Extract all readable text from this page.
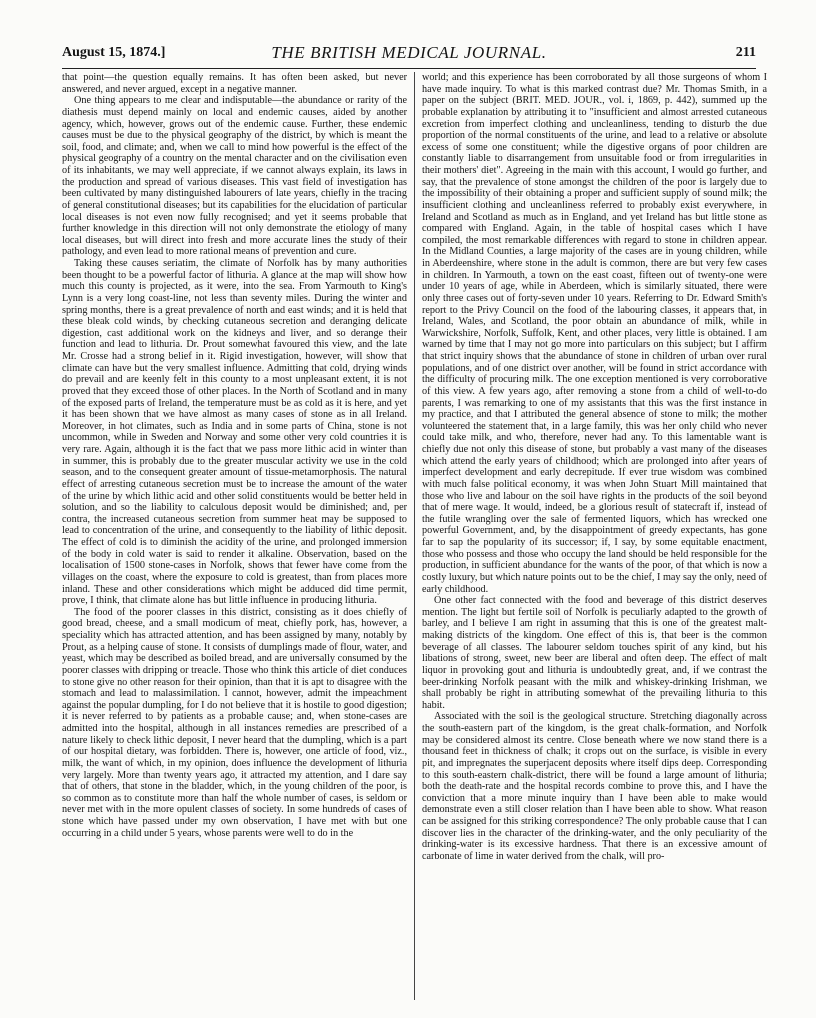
August 15, 1874.]	THE BRITISH MEDICAL JOURNAL.	211

that point—the question equally remains. It has often been asked, but never answered, and never argued, except in a negative manner.

One thing appears to me clear and indisputable—the abundance or rarity of the diathesis must depend mainly on local and endemic causes, aided by another agency, which, however, grows out of the endemic cause. Further, these endemic causes must be due to the physical geography of the district, by which is meant the soil, food, and climate; and, when we call to mind how powerful is the effect of the physical geography of a country on the mental character and on the civilisation even of its inhabitants, we may well appreciate, if we cannot always explain, its laws in the production and spread of various diseases. This vast field of investigation has been cultivated by many distinguished labourers of late years, chiefly in the tracing of general constitutional diseases; but its capabilities for the elucidation of particular local diseases is not even now fully recognised; and yet it seems probable that further knowledge in this direction will not only demonstrate the etiology of many local diseases, but will direct into fresh and more accurate lines the study of their pathology, and even lead to more rational means of prevention and cure.

Taking these causes seriatim, the climate of Norfolk has by many authorities been thought to be a powerful factor of lithuria. A glance at the map will show how much this county is projected, as it were, into the sea. From Yarmouth to King's Lynn is a very long coast-line, not less than seventy miles. During the winter and spring months, there is a great prevalence of north and east winds; and it is held that these bleak cold winds, by checking cutaneous secretion and deranging delicate digestion, cast additional work on the kidneys and liver, and so derange their function and lead to lithuria. Dr. Prout somewhat favoured this view, and the late Mr. Crosse had a strong belief in it. Rigid investigation, however, will show that climate can have but the very smallest influence. Admitting that cold, drying winds do prevail and are keenly felt in this county to a most unpleasant extent, it is not proved that they exceed those of other places. In the North of Scotland and in many of the exposed parts of Ireland, the temperature must be as cold as it is here, and yet it has been shown that we have almost as many cases of stone as in all Ireland. Moreover, in hot climates, such as India and in some parts of China, stone is not uncommon, while in Sweden and Norway and some other very cold countries it is very rare. Again, although it is the fact that we pass more lithic acid in winter than in summer, this is probably due to the greater muscular activity we use in the cold season, and to the consequent greater amount of tissue-metamorphosis. The natural effect of arresting cutaneous secretion must be to increase the amount of the water of the urine by which lithic acid and other solid constituents would be better held in solution, and so the liability to calculous deposit would be diminished; and, per contra, the increased cutaneous secretion from summer heat may be supposed to lead to concentration of the urine, and consequently to the liability of lithic deposit. The effect of cold is to diminish the acidity of the urine, and prolonged immersion of the body in cold water is said to render it alkaline. Observation, based on the localisation of 1500 stone-cases in Norfolk, shows that fewer have come from the villages on the coast, where the exposure to cold is greatest, than from places more inland. These and other considerations which might be adduced did time permit, prove, I think, that climate alone has but little influence in producing lithuria.

The food of the poorer classes in this district, consisting as it does chiefly of good bread, cheese, and a small modicum of meat, chiefly pork, has, however, a speciality which has attracted attention, and has been assigned by many, notably by Prout, as a helping cause of stone. It consists of dumplings made of flour, water, and yeast, which may be described as boiled bread, and are universally consumed by the poorer classes with dripping or treacle. Those who think this article of diet conduces to stone give no other reason for their opinion, than that it is apt to disagree with the stomach and lead to malassimilation. I cannot, however, admit the impeachment against the popular dumpling, for I do not believe that it is hostile to good digestion; it is never referred to by patients as a probable cause; and, when stone-cases are admitted into the hospital, although in all instances remedies are prescribed of a nature likely to check lithic deposit, I never heard that the dumpling, which is a part of our hospital dietary, was forbidden. There is, however, one article of food, viz., milk, the want of which, in my opinion, does influence the development of lithuria very largely. More than twenty years ago, it attracted my attention, and I dare say that of others, that stone in the bladder, which, in the young children of the poor, is so common as to constitute more than half the whole number of cases, is seldom or never met with in the more opulent classes of society. In some hundreds of cases of stone which have passed under my own observation, I have met with but one occurring in a child under 5 years, whose parents were well to do in the

world; and this experience has been corroborated by all those surgeons of whom I have made inquiry. To what is this marked contrast due? Mr. Thomas Smith, in a paper on the subject (BRIT. MED. JOUR., vol. i, 1869, p. 442), summed up the probable explanation by attributing it to "insufficient and almost arrested cutaneous excretion from imperfect clothing and uncleanliness, tending to disturb the due proportion of the normal constituents of the urine, and lead to a relative or absolute excess of some one constituent; while the digestive organs of poor children are constantly liable to disarrangement from unsuitable food or from irregularities in their mothers' diet". Agreeing in the main with this account, I would go further, and say, that the prevalence of stone amongst the children of the poor is largely due to the impossibility of their obtaining a proper and sufficient supply of sound milk; the insufficient clothing and uncleanliness referred to probably exist everywhere, in Ireland and Scotland as much as in England, and yet Ireland has but little stone as compared with England. Again, in the table of hospital cases which I have compiled, the most remarkable differences with regard to stone in children appear. In the Midland Counties, a large majority of the cases are in young children, while in Aberdeenshire, where stone in the adult is common, there are but very few cases in children. In Yarmouth, a town on the east coast, fifteen out of twenty-one were under 10 years of age, while in Aberdeen, which is similarly situated, there were only three cases out of forty-seven under 10 years. Referring to Dr. Edward Smith's report to the Privy Council on the food of the labouring classes, it appears that, in Ireland, Wales, and Scotland, the poor obtain an abundance of milk, while in Warwickshire, Norfolk, Suffolk, Kent, and other places, very little is obtained. I am warned by time that I may not go more into particulars on this subject; but I affirm that strict inquiry shows that the abundance of stone in children of urban over rural populations, and of one district over another, will be found in strict accordance with the difficulty of procuring milk. The one exception mentioned is very corroborative of this view. A few years ago, after removing a stone from a child of well-to-do parents, I was remarking to one of my assistants that this was the first instance in my practice, and that I attributed the general absence of stone to milk; the mother volunteered the statement that, in a large family, this was her only child who never could take milk, and who, therefore, never had any. To this lamentable want is chiefly due not only this disease of stone, but probably a vast many of the diseases which attend the early years of childhood; which are prolonged into after years of imperfect development and early decrepitude. If ever true wisdom was combined with much false political economy, it was when John Stuart Mill maintained that those who live and labour on the soil have rights in the products of the soil beyond that of mere wage. It would, indeed, be a glorious result of statecraft if, instead of the futile wrangling over the sale of fermented liquors, which has wrecked one powerful Government, and, by the disappointment of greedy expectants, has gone far to sap the popularity of its successor; if, I say, by some equitable enactment, those who possess and those who occupy the land should be held responsible for the production, in sufficient abundance for the wants of the poor, of that which is now a costly luxury, but which nature points out to be the chief, I may say the only, need of early childhood.

One other fact connected with the food and beverage of this district deserves mention. The light but fertile soil of Norfolk is peculiarly adapted to the growth of barley, and I believe I am right in assuming that this is one of the greatest malt-making districts of the kingdom. One effect of this is, that beer is the common beverage of all classes. The labourer seldom touches spirit of any kind, but his libations of strong, sweet, new beer are liberal and often deep. The effect of malt liquor in provoking gout and lithuria is undoubtedly great, and, if we contrast the beer-drinking Norfolk peasant with the milk and whiskey-drinking Irishman, we shall probably be right in attributing somewhat of the prevailing lithuria to this habit.

Associated with the soil is the geological structure. Stretching diagonally across the south-eastern part of the kingdom, is the great chalk-formation, and Norfolk may be considered almost its centre. Close beneath where we now stand there is a thousand feet in thickness of chalk; it crops out on the surface, is visible in every pit, and impregnates the superjacent deposits where itself dips deep. Corresponding to this south-eastern chalk-district, there will be found a large amount of lithuria; both the death-rate and the hospital records combine to prove this, and I have the conviction that a more minute inquiry than I have been able to make would demonstrate even a still closer relation than I have been able to show. What reason can be assigned for this striking correspondence? The only probable cause that I can discover lies in the character of the drinking-water, and the only peculiarity of the drinking-water is its excessive hardness. That there is an excessive amount of carbonate of lime in water derived from the chalk, will pro-
